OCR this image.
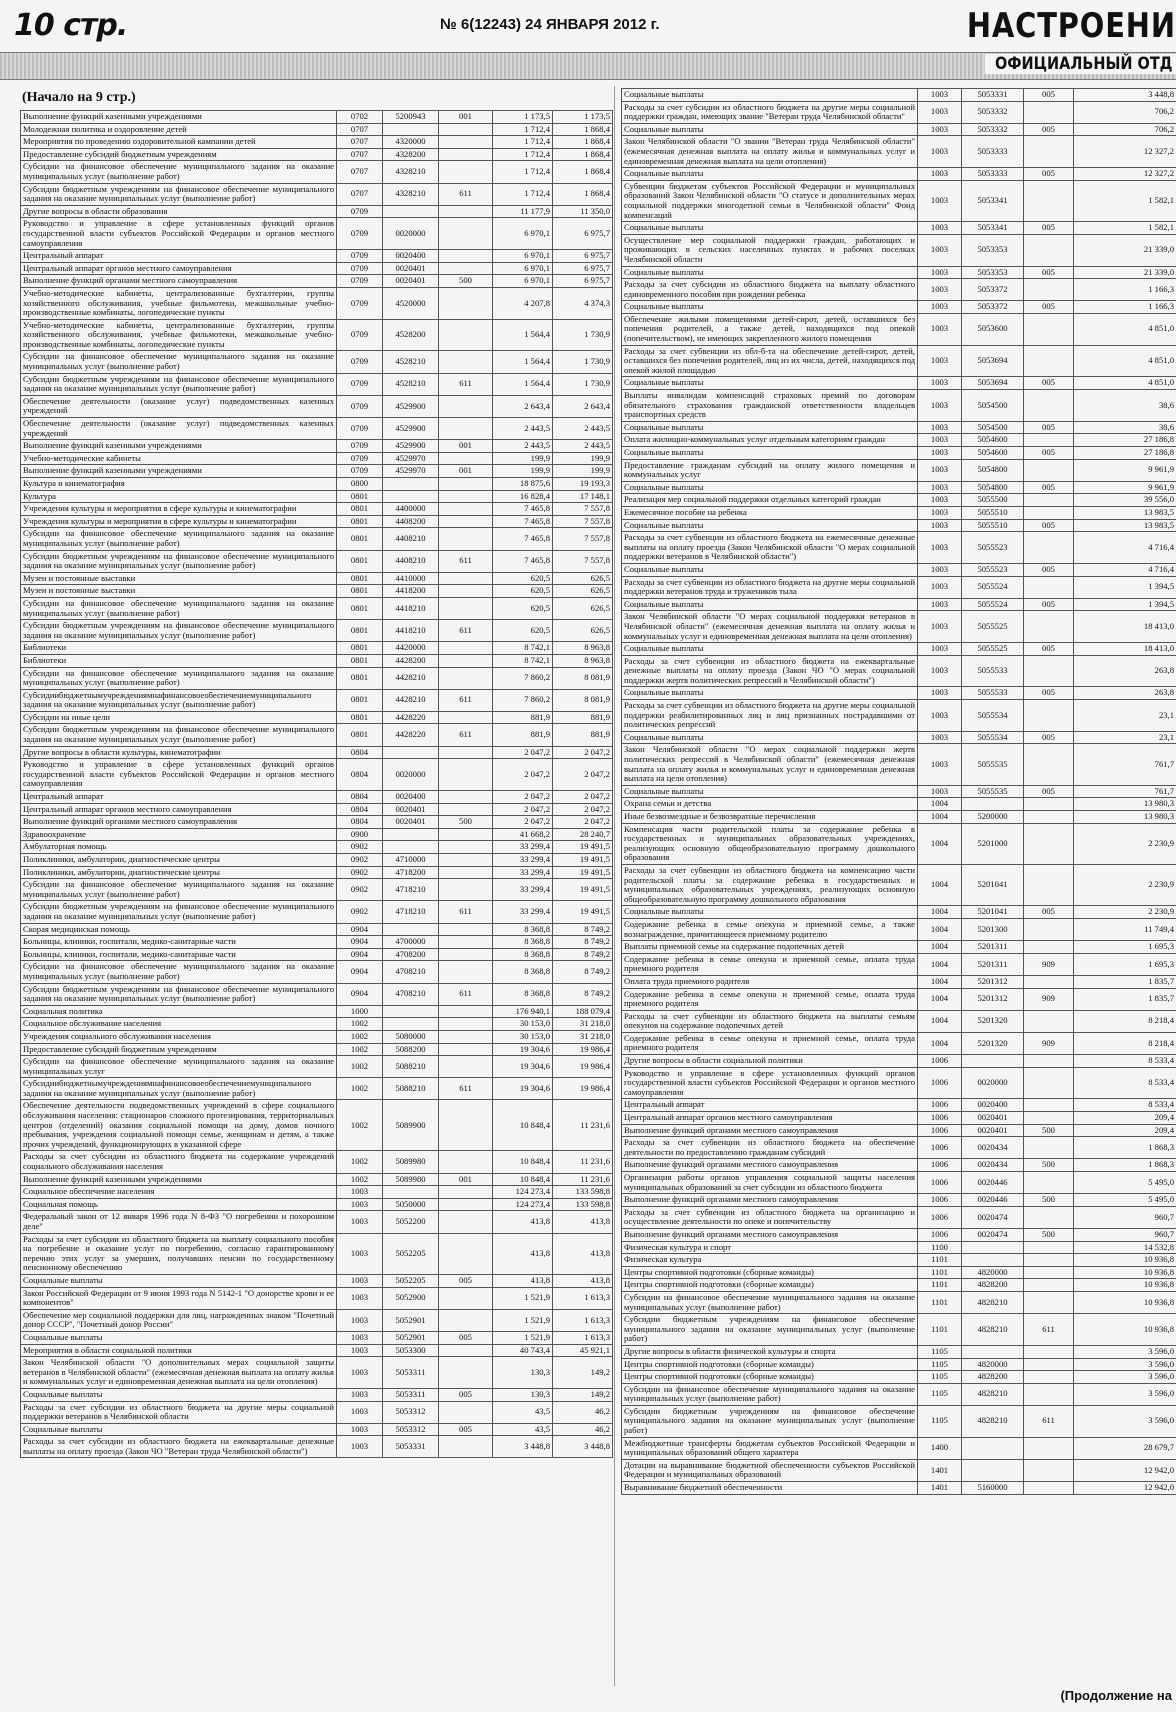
10 стр.	№ 6(12243) 24 ЯНВАРЯ 2012 г.	НАСТРОЕНИ
ОФИЦИАЛЬНЫЙ ОТД
(Начало на 9 стр.)
Выполнение функций казенными учреждениями	0702	5200943	001	1 173,5	1 173,5
Молодежная политика и оздоровление детей	0707			1 712,4	1 868,4
Мероприятия по проведению оздоровительной кампании детей	0707	4320000		1 712,4	1 868,4
Предоставление субсидий бюджетным учреждениям	0707	4328200		1 712,4	1 868,4
Субсидии на финансовое обеспечение муниципального задания на оказание муниципальных услуг (выполнение работ)	0707	4328210		1 712,4	1 868,4
Субсидии бюджетным учреждениям на финансовое обеспечение муниципального задания на оказание муниципальных услуг (выполнение работ)	0707	4328210	611	1 712,4	1 868,4
Другие вопросы в области образования	0709			11 177,9	11 350,0
Руководство и управление в сфере установленных функций органов государственной власти субъектов Российской Федерации и органов местного самоуправления	0709	0020000		6 970,1	6 975,7
Центральный аппарат	0709	0020400		6 970,1	6 975,7
Центральный аппарат органов местного самоуправления	0709	0020401		6 970,1	6 975,7
Выполнение функций органами местного самоуправления	0709	0020401	500	6 970,1	6 975,7
Учебно-методические кабинеты, централизованные бухгалтерии, группы хозяйственного обслуживания, учебные фильмотеки, межшкольные учебно-производственные комбинаты, логопедические пункты	0709	4520000		4 207,8	4 374,3
Учебно-методические кабинеты, централизованные бухгалтерии, группы хозяйственного обслуживания, учебные фильмотеки, межшкольные учебно-производственные комбинаты, логопедические пункты	0709	4528200		1 564,4	1 730,9
Субсидии на финансовое обеспечение муниципального задания на оказание муниципальных услуг (выполнение работ)	0709	4528210		1 564,4	1 730,9
Субсидии бюджетным учреждениям на финансовое обеспечение муниципального задания на оказание муниципальных услуг (выполнение работ)	0709	4528210	611	1 564,4	1 730,9
Обеспечение деятельности (оказание услуг) подведомственных казенных учреждений	0709	4529900		2 643,4	2 643,4
Обеспечение деятельности (оказание услуг) подведомственных казенных учреждений	0709	4529900		2 443,5	2 443,5
Выполнение функций казенными учреждениями	0709	4529900	001	2 443,5	2 443,5
Учебно-методические кабинеты	0709	4529970		199,9	199,9
Выполнение функций казенными учреждениями	0709	4529970	001	199,9	199,9
Культура и кинематография	0800			18 875,6	19 193,3
Культура	0801			16 828,4	17 148,1
Учреждения культуры и мероприятия в сфере культуры и кинематографии	0801	4400000		7 465,8	7 557,8
Учреждения культуры и мероприятия в сфере культуры и кинематографии	0801	4408200		7 465,8	7 557,8
Субсидии на финансовое обеспечение муниципального задания на оказание муниципальных услуг (выполнение работ)	0801	4408210		7 465,8	7 557,8
Субсидии бюджетным учреждениям на финансовое обеспечение муниципального задания на оказание муниципальных услуг (выполнение работ)	0801	4408210	611	7 465,8	7 557,8
Музеи и постоянные выставки	0801	4410000		620,5	626,5
Музеи и постоянные выставки	0801	4418200		620,5	626,5
Субсидии на финансовое обеспечение муниципального задания на оказание муниципальных услуг (выполнение работ)	0801	4418210		620,5	626,5
Субсидии бюджетным учреждениям на финансовое обеспечение муниципального задания на оказание муниципальных услуг (выполнение работ)	0801	4418210	611	620,5	626,5
Библиотеки	0801	4420000		8 742,1	8 963,8
Библиотеки	0801	4428200		8 742,1	8 963,8
Субсидии на финансовое обеспечение муниципального задания на оказание муниципальных услуг (выполнение работ)	0801	4428210		7 860,2	8 081,9
Субсидиибюджетнымучреждениямнафинансовоеобеспечениемуниципального задания на оказание муниципальных услуг (выполнение работ)	0801	4428210	611	7 860,2	8 081,9
Субсидии на иные цели	0801	4428220		881,9	881,9
Субсидии бюджетным учреждениям на финансовое обеспечение муниципального задания на оказание муниципальных услуг (выполнение работ)	0801	4428220	611	881,9	881,9
Другие вопросы в области культуры, кинематографии	0804			2 047,2	2 047,2
Руководство и управление в сфере установленных функций органов государственной власти субъектов Российской Федерации и органов местного самоуправления	0804	0020000		2 047,2	2 047,2
Центральный аппарат	0804	0020400		2 047,2	2 047,2
Центральный аппарат органов местного самоуправления	0804	0020401		2 047,2	2 047,2
Выполнение функций органами местного самоуправления	0804	0020401	500	2 047,2	2 047,2
Здравоохранение	0900			41 668,2	28 240,7
Амбулаторная помощь	0902			33 299,4	19 491,5
Поликлиники, амбулатории, диагностические центры	0902	4710000		33 299,4	19 491,5
Поликлиники, амбулатории, диагностические центры	0902	4718200		33 299,4	19 491,5
Субсидии на финансовое обеспечение муниципального задания на оказание муниципальных услуг (выполнение работ)	0902	4718210		33 299,4	19 491,5
Субсидии бюджетным учреждениям на финансовое обеспечение муниципального задания на оказание муниципальных услуг (выполнение работ)	0902	4718210	611	33 299,4	19 491,5
Скорая медицинская помощь	0904			8 368,8	8 749,2
Больницы, клиники, госпитали, медико-санитарные части	0904	4700000		8 368,8	8 749,2
Больницы, клиники, госпитали, медико-санитарные части	0904	4708200		8 368,8	8 749,2
Субсидии на финансовое обеспечение муниципального задания на оказание муниципальных услуг (выполнение работ)	0904	4708210		8 368,8	8 749,2
Субсидии бюджетным учреждениям на финансовое обеспечение муниципального задания на оказание муниципальных услуг (выполнение работ)	0904	4708210	611	8 368,8	8 749,2
Социальная политика	1000			176 940,1	188 079,4
Социальное обслуживание населения	1002			30 153,0	31 218,0
Учреждения социального обслуживания населения	1002	5080000		30 153,0	31 218,0
Предоставление субсидий бюджетным учреждениям	1002	5088200		19 304,6	19 986,4
Субсидии на финансовое обеспечение муниципального задания на оказание муниципальных услуг	1002	5088210		19 304,6	19 986,4
Субсидиибюджетнымучреждениямнафинансовоеобеспечениемуниципального задания на оказание муниципальных услуг (выполнение работ)	1002	5088210	611	19 304,6	19 986,4
Обеспечение деятельности подведомственных учреждений в сфере социального обслуживания населения: стационаров сложного протезирования, территориальных центров (отделений) оказания социальной помощи на дому, домов ночного пребывания, учреждения социальной помощи семье, женщинам и детям, а также прочих учреждений, функционирующих в указанной сфере	1002	5089900		10 848,4	11 231,6
Расходы за счет субсидии из областного бюджета на содержание учреждений социального обслуживания населения	1002	5089980		10 848,4	11 231,6
Выполнение функций казенными учреждениями	1002	5089980	001	10 848,4	11 231,6
Социальное обеспечение населения	1003			124 273,4	133 598,8
Социальная помощь	1003	5050000		124 273,4	133 598,8
Федеральный закон от 12 января 1996 года N 8-ФЗ "О погребении и похоронном деле"	1003	5052200		413,8	413,8
Расходы за счет субсидии из областного бюджета на выплату социального пособия на погребение и оказание услуг по погребению, согласно гарантированному перечню этих услуг за умерших, получавших пенсии по государственному пенсионному обеспечению	1003	5052205		413,8	413,8
Социальные выплаты	1003	5052205	005	413,8	413,8
Закон Российской Федерации от 9 июня 1993 года N 5142-1 "О донорстве крови и ее компонентов"	1003	5052900		1 521,9	1 613,3
Обеспечение мер социальной поддержки для лиц, награжденных знаком "Почетный донор СССР", "Почетный донор России"	1003	5052901		1 521,9	1 613,3
Социальные выплаты	1003	5052901	005	1 521,9	1 613,3
Мероприятия в области социальной политики	1003	5053300		40 743,4	45 921,1
Закон Челябинской области "О дополнительных мерах социальной защиты ветеранов в Челябинской области" (ежемесячная денежная выплата на оплату жилья и коммунальных услуг и единовременная денежная выплата на цели отопления)	1003	5053311		130,3	149,2
Социальные выплаты	1003	5053311	005	130,3	149,2
Расходы за счет субсидии из областного бюджета на другие меры социальной поддержки ветеранов в Челябинской области	1003	5053312		43,5	46,2
Социальные выплаты	1003	5053312	005	43,5	46,2
Расходы за счет субсидии из областного бюджета на ежеквартальные денежные выплаты на оплату проезда (Закон ЧО "Ветеран труда Челябинской области")	1003	5053331		3 448,8	3 448,8
Социальные выплаты	1003	5053331	005	3 448,8
Расходы за счет субсидии из областного бюджета на другие меры социальной поддержки граждан, имеющих звание "Ветеран труда Челябинской области"	1003	5053332		706,2
Социальные выплаты	1003	5053332	005	706,2
Закон Челябинской области "О звании "Ветеран труда Челябинской области" (ежемесячная денежная выплата на оплату жилья и коммунальных услуг и единовременная денежная выплата на цели отопления)	1003	5053333		12 327,2
Социальные выплаты	1003	5053333	005	12 327,2
Субвенции бюджетам субъектов Российской Федерации и муниципальных образований Закон Челябинской области "О статусе и дополнительных мерах социальной поддержки многодетной семьи в Челябинской области" Фонд компенсаций	1003	5053341		1 582,1
Социальные выплаты	1003	5053341	005	1 582,1
Осуществление мер социальной поддержки граждан, работающих и проживающих в сельских населенных пунктах и рабочих поселках Челябинской области	1003	5053353		21 339,0
Социальные выплаты	1003	5053353	005	21 339,0
Расходы за счет субсидии из областного бюджета на выплату областного единовременного пособия при рождении ребенка	1003	5053372		1 166,3
Социальные выплаты	1003	5053372	005	1 166,3
Обеспечение жилыми помещениями детей-сирот, детей, оставшихся без попечения родителей, а также детей, находящихся под опекой (попечительством), не имеющих закрепленного жилого помещения	1003	5053600		4 851,0
Расходы за счет субвенции из обл-б-та на обеспечение детей-сирот, детей, оставшихся без попечения родителей, лиц из их числа, детей, находящихся под опекой жилой площадью	1003	5053694		4 851,0
Социальные выплаты	1003	5053694	005	4 851,0
Выплаты инвалидам компенсаций страховых премий по договорам обязательного страхования гражданской ответственности владельцев транспортных средств	1003	5054500		38,6
Социальные выплаты	1003	5054500	005	38,6
Оплата жилищно-коммунальных услуг отдельным категориям граждан	1003	5054600		27 186,8
Социальные выплаты	1003	5054600	005	27 186,8
Предоставление гражданам субсидий на оплату жилого помещения и коммунальных услуг	1003	5054800		9 961,9
Социальные выплаты	1003	5054800	005	9 961,9
Реализация мер социальной поддержки отдельных категорий граждан	1003	5055500		39 556,0
Ежемесячное пособие на ребенка	1003	5055510		13 983,5
Социальные выплаты	1003	5055510	005	13 983,5
Расходы за счет субвенции из областного бюджета на ежемесячные денежные выплаты на оплату проезда (Закон Челябинской области "О мерах социальной поддержки ветеранов в Челябинской области")	1003	5055523		4 716,4
Социальные выплаты	1003	5055523	005	4 716,4
Расходы за счет субвенции из областного бюджета на другие меры социальной поддержки ветеранов труда и тружеников тыла	1003	5055524		1 394,5
Социальные выплаты	1003	5055524	005	1 394,5
Закон Челябинской области "О мерах социальной поддержки ветеранов в Челябинской области" (ежемесячная денежная выплата на оплату жилья и коммунальных услуг и единовременная денежная выплата на цели отопления)	1003	5055525		18 413,0
Социальные выплаты	1003	5055525	005	18 413,0
Расходы за счет субвенции из областного бюджета на ежеквартальные денежные выплаты на оплату проезда (Закон ЧО "О мерах социальной поддержки жертв политических репрессий в Челябинской области")	1003	5055533		263,8
Социальные выплаты	1003	5055533	005	263,8
Расходы за счет субвенции из областного бюджета на другие меры социальной поддержки реабилитированных лиц и лиц признанных пострадавшими от политических репрессий	1003	5055534		23,1
Социальные выплаты	1003	5055534	005	23,1
Закон Челябинской области "О мерах социальной поддержки жертв политических репрессий в Челябинской области" (ежемесячная денежная выплата на оплату жилья и коммунальных услуг и единовременная денежная выплата на цели отопления)	1003	5055535		761,7
Социальные выплаты	1003	5055535	005	761,7
Охрана семьи и детства	1004			13 980,3
Иные безвозмездные и безвозвратные перечисления	1004	5200000		13 980,3
Компенсация части родительской платы за содержание ребенка в государственных и муниципальных образовательных учреждениях, реализующих основную общеобразовательную программу дошкольного образования	1004	5201000		2 230,9
Расходы за счет субвенции из областного бюджета на компенсацию части родительской платы за содержание ребенка в государственных и муниципальных образовательных учреждениях, реализующих основную общеобразовательную программу дошкольного образования	1004	5201041		2 230,9
Социальные выплаты	1004	5201041	005	2 230,9
Содержание ребенка в семье опекуна и приемной семье, а также вознаграждение, причитающееся приемному родителю	1004	5201300		11 749,4
Выплаты приемной семье на содержание подопечных детей	1004	5201311		1 695,3
Содержание ребенка в семье опекуна и приемной семье, оплата труда приемного родителя	1004	5201311	909	1 695,3
Оплата труда приемного родителя	1004	5201312		1 835,7
Содержание ребенка в семье опекуна и приемной семье, оплата труда приемного родителя	1004	5201312	909	1 835,7
Расходы за счет субвенции из областного бюджета на выплаты семьям опекунов на содержание подопечных детей	1004	5201320		8 218,4
Содержание ребенка в семье опекуна и приемной семье, оплата труда приемного родителя	1004	5201320	909	8 218,4
Другие вопросы в области социальной политики	1006			8 533,4
Руководство и управление в сфере установленных функций органов государственной власти субъектов Российской Федерации и органов местного самоуправления	1006	0020000		8 533,4
Центральный аппарат	1006	0020400		8 533,4
Центральный аппарат органов местного самоуправления	1006	0020401		209,4
Выполнение функций органами местного самоуправления	1006	0020401	500	209,4
Расходы за счет субвенции из областного бюджета на обеспечение деятельности по предоставлению гражданам субсидий	1006	0020434		1 868,3
Выполнение функций органами местного самоуправления	1006	0020434	500	1 868,3
Организация работы органов управления социальной защиты населения муниципальных образований за счет субсидии из областного бюджета	1006	0020446		5 495,0
Выполнение функций органами местного самоуправления	1006	0020446	500	5 495,0
Расходы за счет субвенции из областного бюджета на организацию и осуществление деятельности по опеке и попечительству	1006	0020474		960,7
Выполнение функций органами местного самоуправления	1006	0020474	500	960,7
Физическая культура и спорт	1100			14 532,8
Физическая культура	1101			10 936,8
Центры спортивной подготовки (сборные команды)	1101	4820000		10 936,8
Центры спортивной подготовки (сборные команды)	1101	4828200		10 936,8
Субсидии на финансовое обеспечение муниципального задания на оказание муниципальных услуг (выполнение работ)	1101	4828210		10 936,8
Субсидии бюджетным учреждениям на финансовое обеспечение муниципального задания на оказание муниципальных услуг (выполнение работ)	1101	4828210	611	10 936,8
Другие вопросы в области физической культуры и спорта	1105			3 596,0
Центры спортивной подготовки (сборные команды)	1105	4820000		3 596,0
Центры спортивной подготовки (сборные команды)	1105	4828200		3 596,0
Субсидии на финансовое обеспечение муниципального задания на оказание муниципальных услуг (выполнение работ)	1105	4828210		3 596,0
Субсидии бюджетным учреждениям на финансовое обеспечение муниципального задания на оказание муниципальных услуг (выполнение работ)	1105	4828210	611	3 596,0
Межбюджетные трансферты бюджетам субъектов Российской Федерации и муниципальных образований общего характера	1400			28 679,7
Дотации на выравнивание бюджетной обеспеченности субъектов Российской Федерации и муниципальных образований	1401			12 942,0
Выравнивание бюджетной обеспеченности	1401	5160000		12 942,0
(Продолжение на
